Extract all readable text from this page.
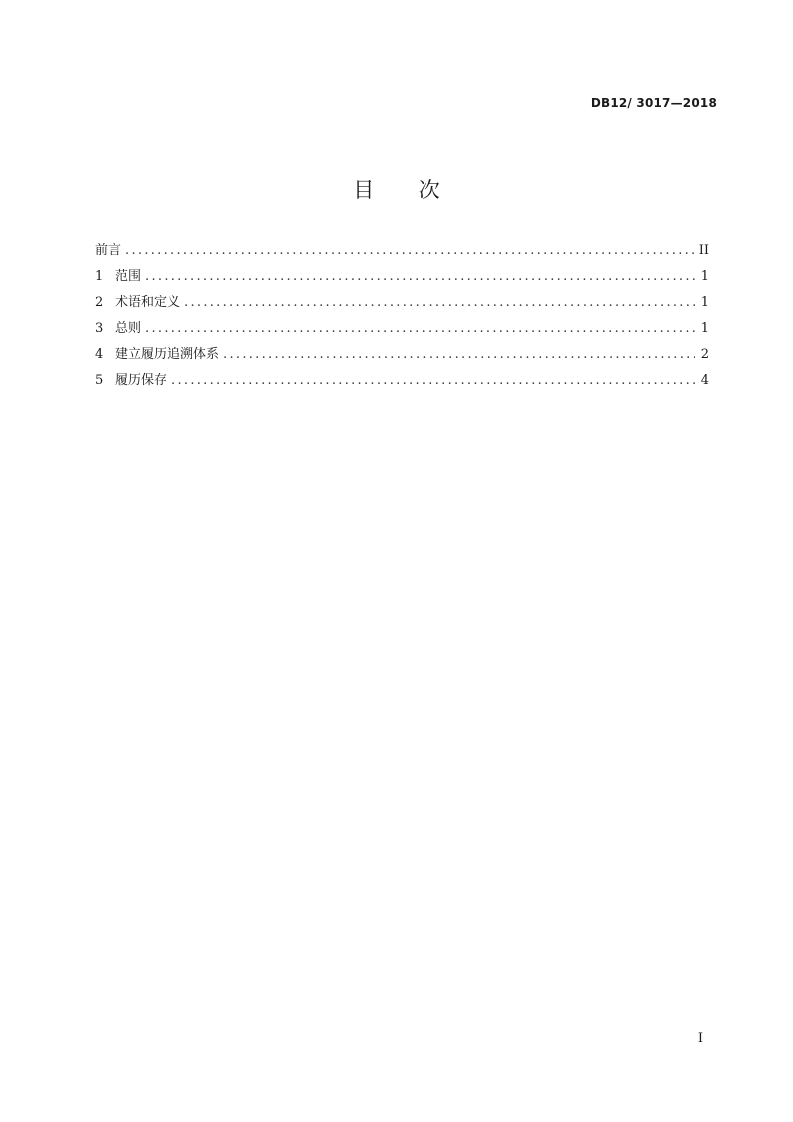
DB12/ 3017—2018
目 次
前言 .....	II
1 范围 .....	1
2 术语和定义 .....	1
3 总则 .....	1
4 建立履历追溯体系 .....	2
5 履历保存 .....	4
I
